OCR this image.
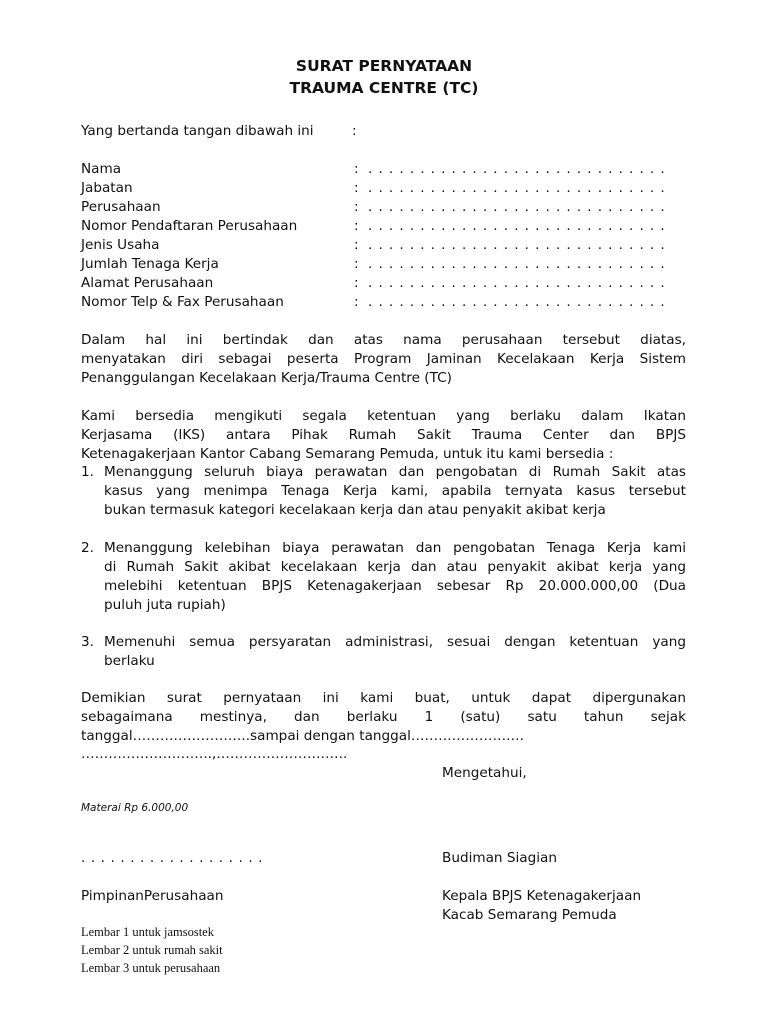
SURAT PERNYATAAN
TRAUMA CENTRE (TC)
Yang bertanda tangan dibawah ini	:
Nama	: . . . . . . . . . . . . . . . . . . . . . . . . . . . . .
Jabatan	: . . . . . . . . . . . . . . . . . . . . . . . . . . . . .
Perusahaan	: . . . . . . . . . . . . . . . . . . . . . . . . . . . . .
Nomor Pendaftaran Perusahaan	: . . . . . . . . . . . . . . . . . . . . . . . . . . . . .
Jenis Usaha	: . . . . . . . . . . . . . . . . . . . . . . . . . . . . .
Jumlah Tenaga Kerja	: . . . . . . . . . . . . . . . . . . . . . . . . . . . . .
Alamat Perusahaan	: . . . . . . . . . . . . . . . . . . . . . . . . . . . . .
Nomor Telp & Fax Perusahaan	: . . . . . . . . . . . . . . . . . . . . . . . . . . . . .
Dalam hal ini bertindak dan atas nama perusahaan tersebut diatas,
menyatakan diri sebagai peserta Program Jaminan Kecelakaan Kerja Sistem
Penanggulangan Kecelakaan Kerja/Trauma Centre (TC)
Kami bersedia mengikuti segala ketentuan yang berlaku dalam Ikatan
Kerjasama (IKS) antara Pihak Rumah Sakit Trauma Center dan BPJS
Ketenagakerjaan Kantor Cabang Semarang Pemuda, untuk itu kami bersedia :
1. Menanggung seluruh biaya perawatan dan pengobatan di Rumah Sakit atas
kasus yang menimpa Tenaga Kerja kami, apabila ternyata kasus tersebut
bukan termasuk kategori kecelakaan kerja dan atau penyakit akibat kerja
2. Menanggung kelebihan biaya perawatan dan pengobatan Tenaga Kerja kami
di Rumah Sakit akibat kecelakaan kerja dan atau penyakit akibat kerja yang
melebihi ketentuan BPJS Ketenagakerjaan sebesar Rp 20.000.000,00 (Dua
puluh juta rupiah)
3. Memenuhi semua persyaratan administrasi, sesuai dengan ketentuan yang
berlaku
Demikian surat pernyataan ini kami buat, untuk dapat dipergunakan
sebagaimana mestinya, dan berlaku 1 (satu) satu tahun sejak
tanggal……………………..sampai dengan tanggal…………………….
………………………..,………………………..
Mengetahui,
Materai Rp 6.000,00
. . . . . . . . . . . . . . . . . . .	Budiman Siagian
PimpinanPerusahaan	Kepala BPJS Ketenagakerjaan
Kacab Semarang Pemuda
Lembar 1 untuk jamsostek
Lembar 2 untuk rumah sakit
Lembar 3 untuk perusahaan
